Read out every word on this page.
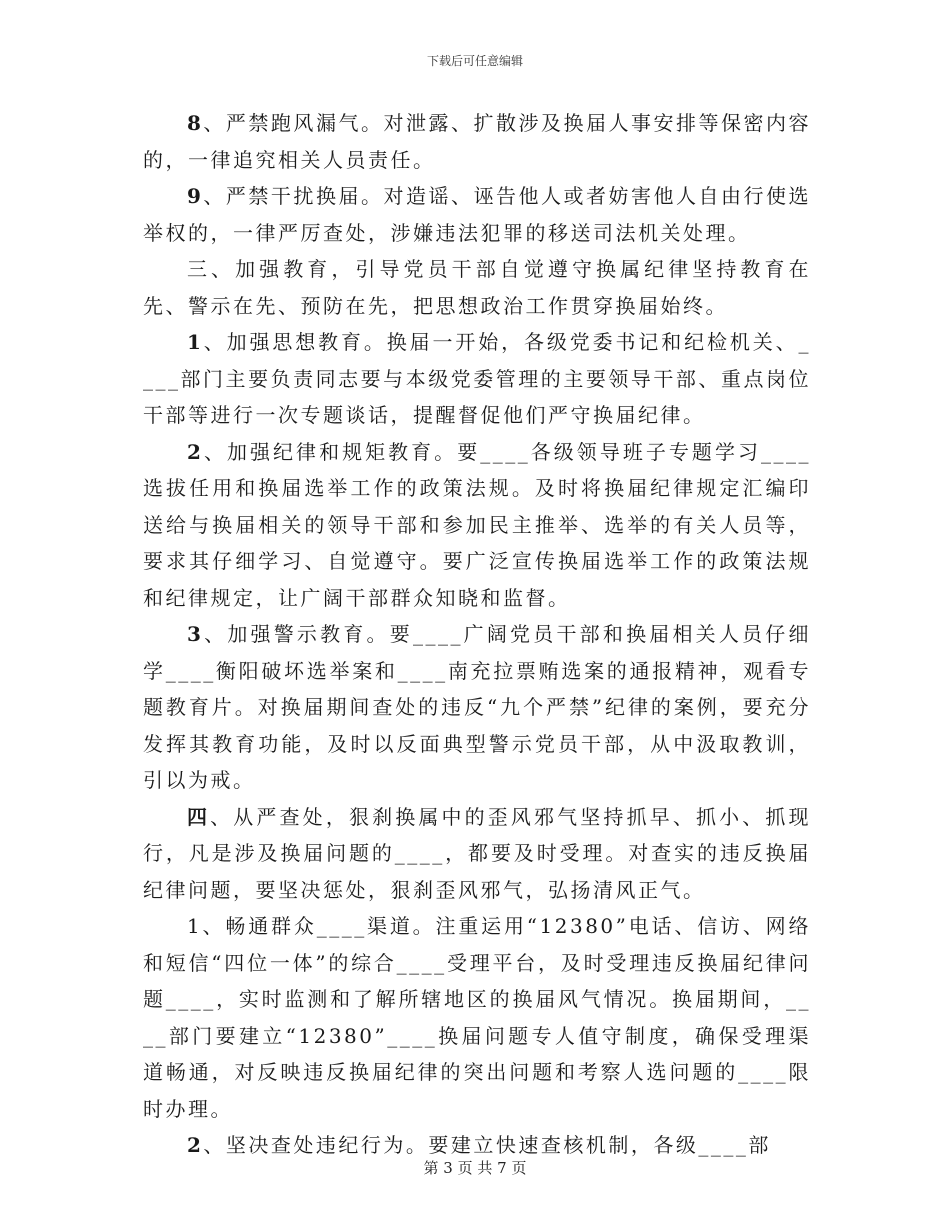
下载后可任意编辑

8、严禁跑风漏气。对泄露、扩散涉及换届人事安排等保密内容的，一律追究相关人员责任。

9、严禁干扰换届。对造谣、诬告他人或者妨害他人自由行使选举权的，一律严厉查处，涉嫌违法犯罪的移送司法机关处理。

三、加强教育，引导党员干部自觉遵守换属纪律坚持教育在先、警示在先、预防在先，把思想政治工作贯穿换届始终。

1、加强思想教育。换届一开始，各级党委书记和纪检机关、____部门主要负责同志要与本级党委管理的主要领导干部、重点岗位干部等进行一次专题谈话，提醒督促他们严守换届纪律。

2、加强纪律和规矩教育。要____各级领导班子专题学习____选拔任用和换届选举工作的政策法规。及时将换届纪律规定汇编印送给与换届相关的领导干部和参加民主推举、选举的有关人员等，要求其仔细学习、自觉遵守。要广泛宣传换届选举工作的政策法规和纪律规定，让广阔干部群众知晓和监督。

3、加强警示教育。要____广阔党员干部和换届相关人员仔细学____衡阳破坏选举案和____南充拉票贿选案的通报精神，观看专题教育片。对换届期间查处的违反“九个严禁”纪律的案例，要充分发挥其教育功能，及时以反面典型警示党员干部，从中汲取教训，引以为戒。

四、从严查处，狠刹换属中的歪风邪气坚持抓早、抓小、抓现行，凡是涉及换届问题的____，都要及时受理。对查实的违反换届纪律问题，要坚决惩处，狠刹歪风邪气，弘扬清风正气。

1、畅通群众____渠道。注重运用“12380”电话、信访、网络和短信“四位一体”的综合____受理平台，及时受理违反换届纪律问题____，实时监测和了解所辖地区的换届风气情况。换届期间，____部门要建立“12380”____换届问题专人值守制度，确保受理渠道畅通，对反映违反换届纪律的突出问题和考察人选问题的____限时办理。

2、坚决查处违纪行为。要建立快速查核机制，各级____部

第 3 页 共 7 页
